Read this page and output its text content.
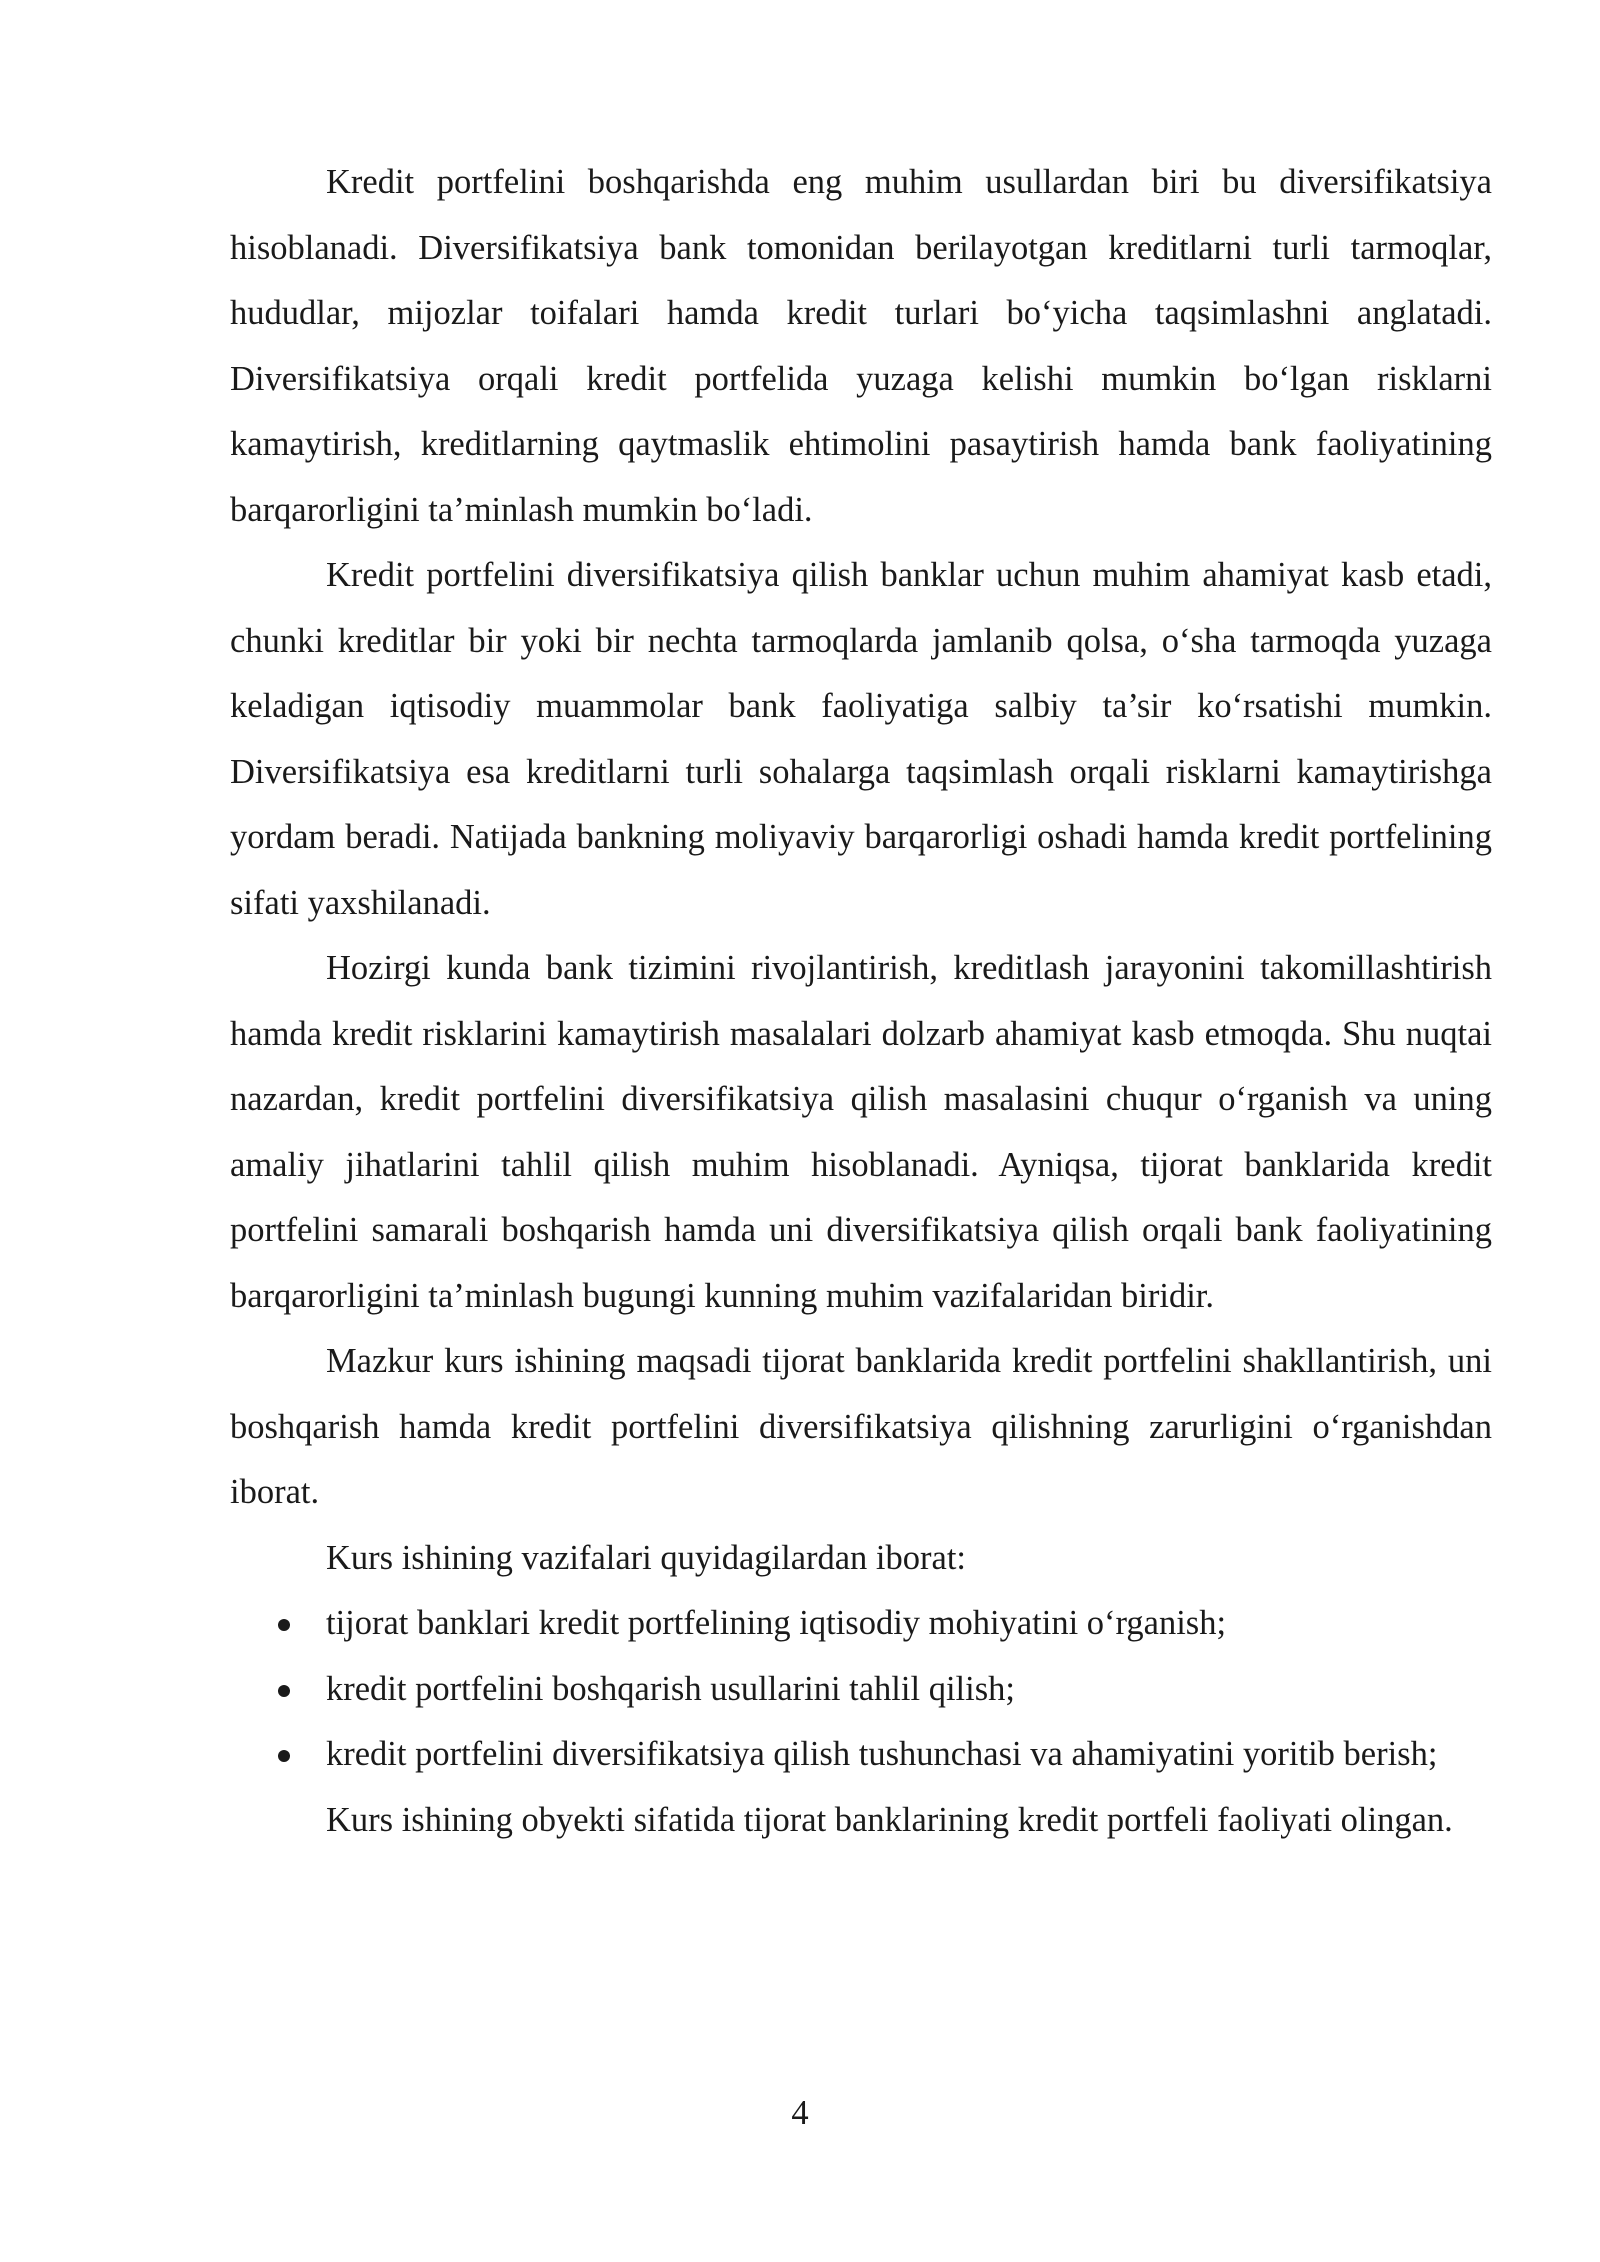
Kredit portfelini boshqarishda eng muhim usullardan biri bu diversifikatsiya hisoblanadi. Diversifikatsiya bank tomonidan berilayotgan kreditlarni turli tarmoqlar, hududlar, mijozlar toifalari hamda kredit turlari bo‘yicha taqsimlashni anglatadi. Diversifikatsiya orqali kredit portfelida yuzaga kelishi mumkin bo‘lgan risklarni kamaytirish, kreditlarning qaytmaslik ehtimolini pasaytirish hamda bank faoliyatining barqarorligini ta’minlash mumkin bo‘ladi.

Kredit portfelini diversifikatsiya qilish banklar uchun muhim ahamiyat kasb etadi, chunki kreditlar bir yoki bir nechta tarmoqlarda jamlanib qolsa, o‘sha tarmoqda yuzaga keladigan iqtisodiy muammolar bank faoliyatiga salbiy ta’sir ko‘rsatishi mumkin. Diversifikatsiya esa kreditlarni turli sohalarga taqsimlash orqali risklarni kamaytirishga yordam beradi. Natijada bankning moliyaviy barqarorligi oshadi hamda kredit portfelining sifati yaxshilanadi.

Hozirgi kunda bank tizimini rivojlantirish, kreditlash jarayonini takomillashtirish hamda kredit risklarini kamaytirish masalalari dolzarb ahamiyat kasb etmoqda. Shu nuqtai nazardan, kredit portfelini diversifikatsiya qilish masalasini chuqur o‘rganish va uning amaliy jihatlarini tahlil qilish muhim hisoblanadi. Ayniqsa, tijorat banklarida kredit portfelini samarali boshqarish hamda uni diversifikatsiya qilish orqali bank faoliyatining barqarorligini ta’minlash bugungi kunning muhim vazifalaridan biridir.

Mazkur kurs ishining maqsadi tijorat banklarida kredit portfelini shakllantirish, uni boshqarish hamda kredit portfelini diversifikatsiya qilishning zarurligini o‘rganishdan iborat.

Kurs ishining vazifalari quyidagilardan iborat:

tijorat banklari kredit portfelining iqtisodiy mohiyatini o‘rganish;
kredit portfelini boshqarish usullarini tahlil qilish;
kredit portfelini diversifikatsiya qilish tushunchasi va ahamiyatini yoritib berish;

Kurs ishining obyekti sifatida tijorat banklarining kredit portfeli faoliyati olingan.

4
